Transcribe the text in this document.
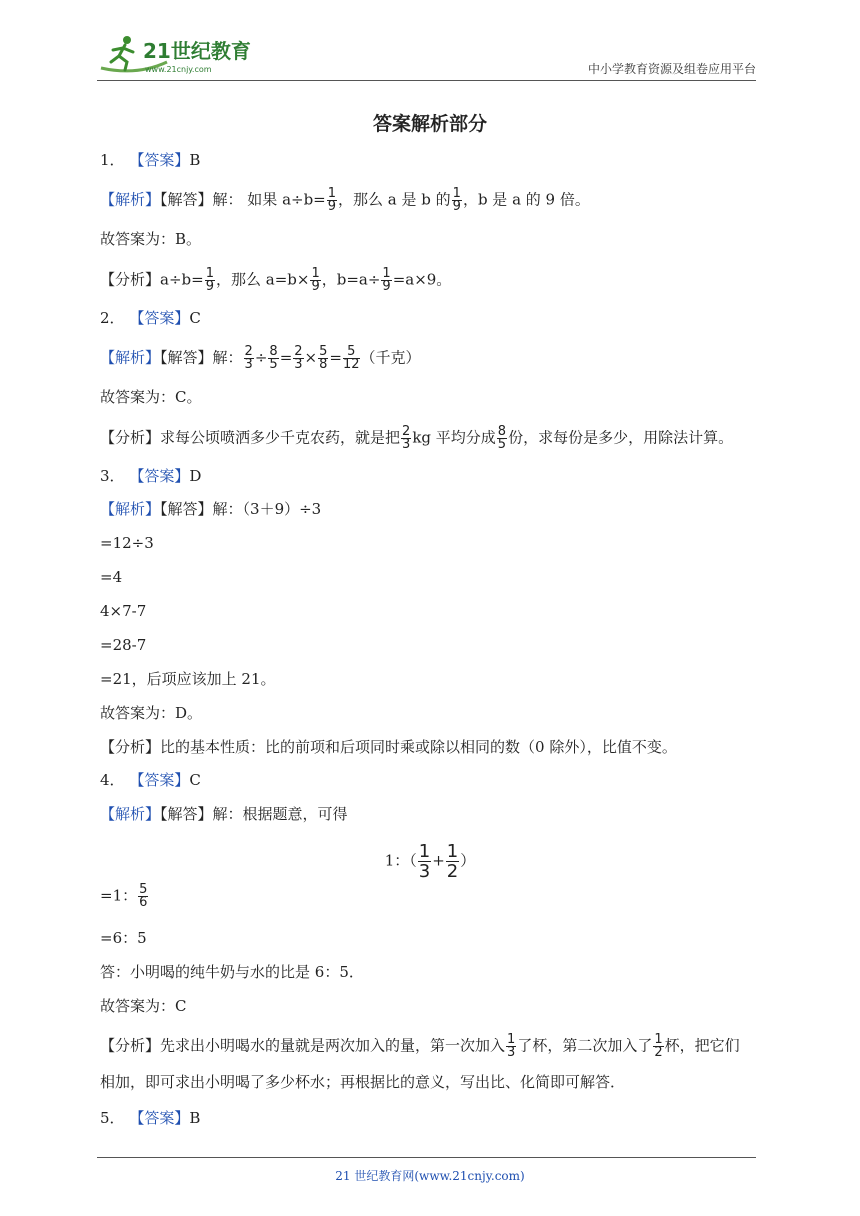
21世纪教育
www.21cnjy.com	中小学教育资源及组卷应用平台
答案解析部分
1． 【答案】B
【解析】【解答】解： 如果 $a\div b= \frac{1}{9}$ ，那么 a 是 b 的 $\frac{1}{9}$ ，b 是 a 的 9 倍。
故答案为：B。
【分析】$a\div b= \frac{1}{9}$ ，那么 $a=b\times \frac{1}{9}$ ，$b=a\div \frac{1}{9} =a\times 9$。
2． 【答案】C
【解析】【解答】解： $\frac{2}{3} \div \frac{8}{5} = \frac{2}{3} \times \frac{5}{8} = \frac{5}{12}$ （千克）
故答案为：C。
【分析】求每公顷喷洒多少千克农药，就是把 $\frac{2}{3}$ kg 平均分成 $\frac{8}{5}$ 份，求每份是多少，用除法计算。
3． 【答案】D
【解析】【解答】解：（3＋9）÷3
=12÷3
=4
4×7-7
=28-7
=21，后项应该加上 21。
故答案为：D。
【分析】比的基本性质：比的前项和后项同时乘或除以相同的数（0 除外），比值不变。
4． 【答案】C
【解析】【解答】解：根据题意，可得
1：（ $\frac{1}{3} + \frac{1}{2}$ ）
=1： $\frac{5}{6}$
=6：5
答：小明喝的纯牛奶与水的比是 6：5．
故答案为：C
【分析】先求出小明喝水的量就是两次加入的量，第一次加入 $\frac{1}{3}$ 了杯，第二次加入了 $\frac{1}{2}$ 杯，把它们
相加，即可求出小明喝了多少杯水；再根据比的意义，写出比、化简即可解答．
5． 【答案】B
21 世纪教育网(www.21cnjy.com)
